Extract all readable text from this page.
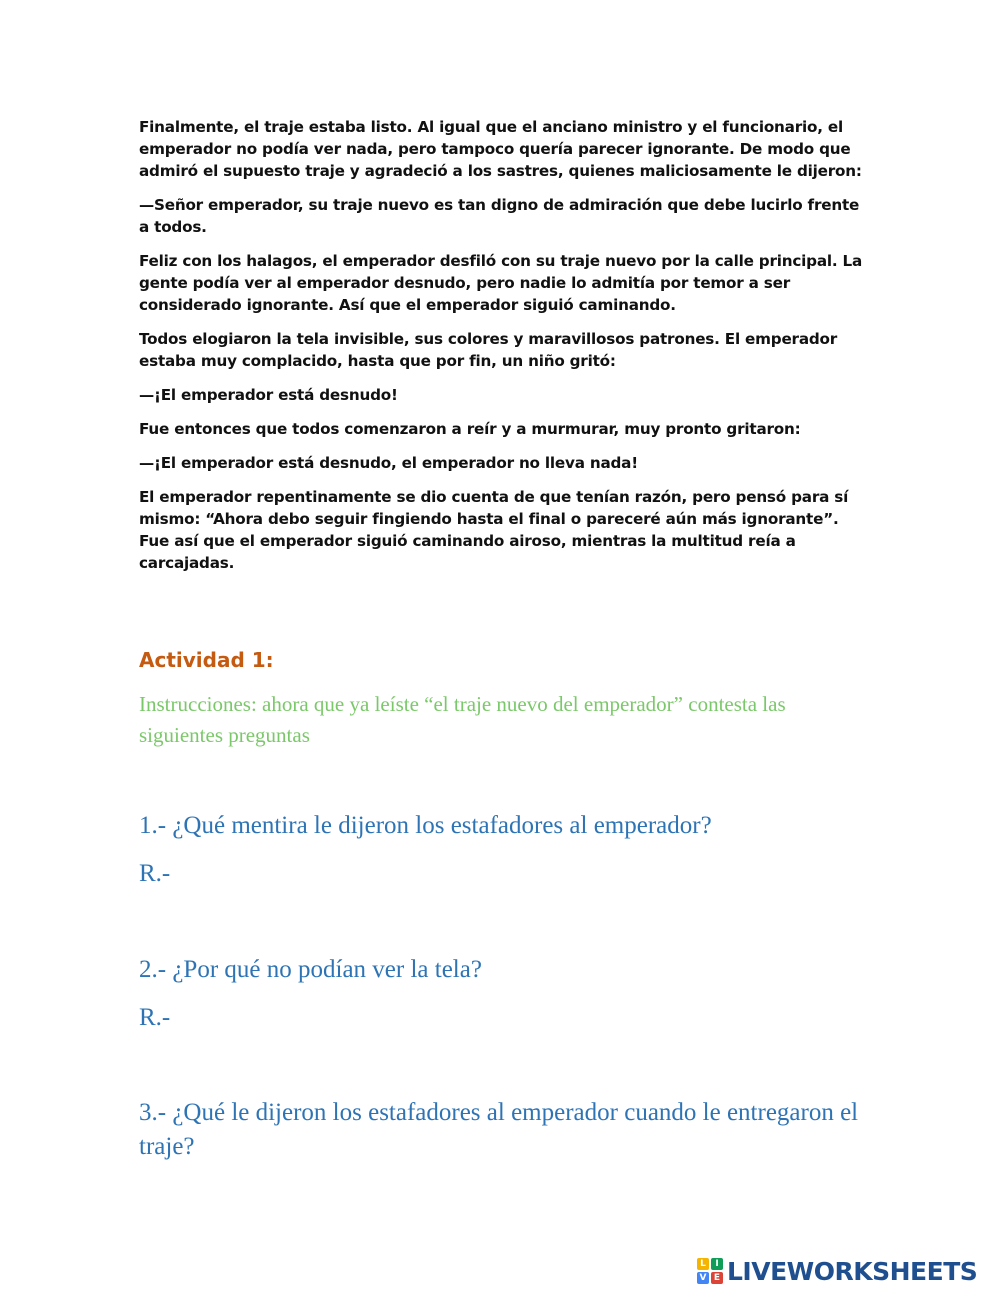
Finalmente, el traje estaba listo. Al igual que el anciano ministro y el funcionario, el emperador no podía ver nada, pero tampoco quería parecer ignorante. De modo que admiró el supuesto traje y agradeció a los sastres, quienes maliciosamente le dijeron:

—Señor emperador, su traje nuevo es tan digno de admiración que debe lucirlo frente a todos.

Feliz con los halagos, el emperador desfiló con su traje nuevo por la calle principal. La gente podía ver al emperador desnudo, pero nadie lo admitía por temor a ser considerado ignorante. Así que el emperador siguió caminando.

Todos elogiaron la tela invisible, sus colores y maravillosos patrones. El emperador estaba muy complacido, hasta que por fin, un niño gritó:

—¡El emperador está desnudo!

Fue entonces que todos comenzaron a reír y a murmurar, muy pronto gritaron:

—¡El emperador está desnudo, el emperador no lleva nada!

El emperador repentinamente se dio cuenta de que tenían razón, pero pensó para sí mismo: “Ahora debo seguir fingiendo hasta el final o pareceré aún más ignorante”. Fue así que el emperador siguió caminando airoso, mientras la multitud reía a carcajadas.

Actividad 1:

Instrucciones: ahora que ya leíste “el traje nuevo del emperador” contesta las siguientes preguntas

1.- ¿Qué mentira le dijeron los estafadores al emperador?

R.-

2.- ¿Por qué no podían ver la tela?

R.-

3.- ¿Qué le dijeron los estafadores al emperador cuando le entregaron el traje?

L	I
V E LIVEWORKSHEETS
